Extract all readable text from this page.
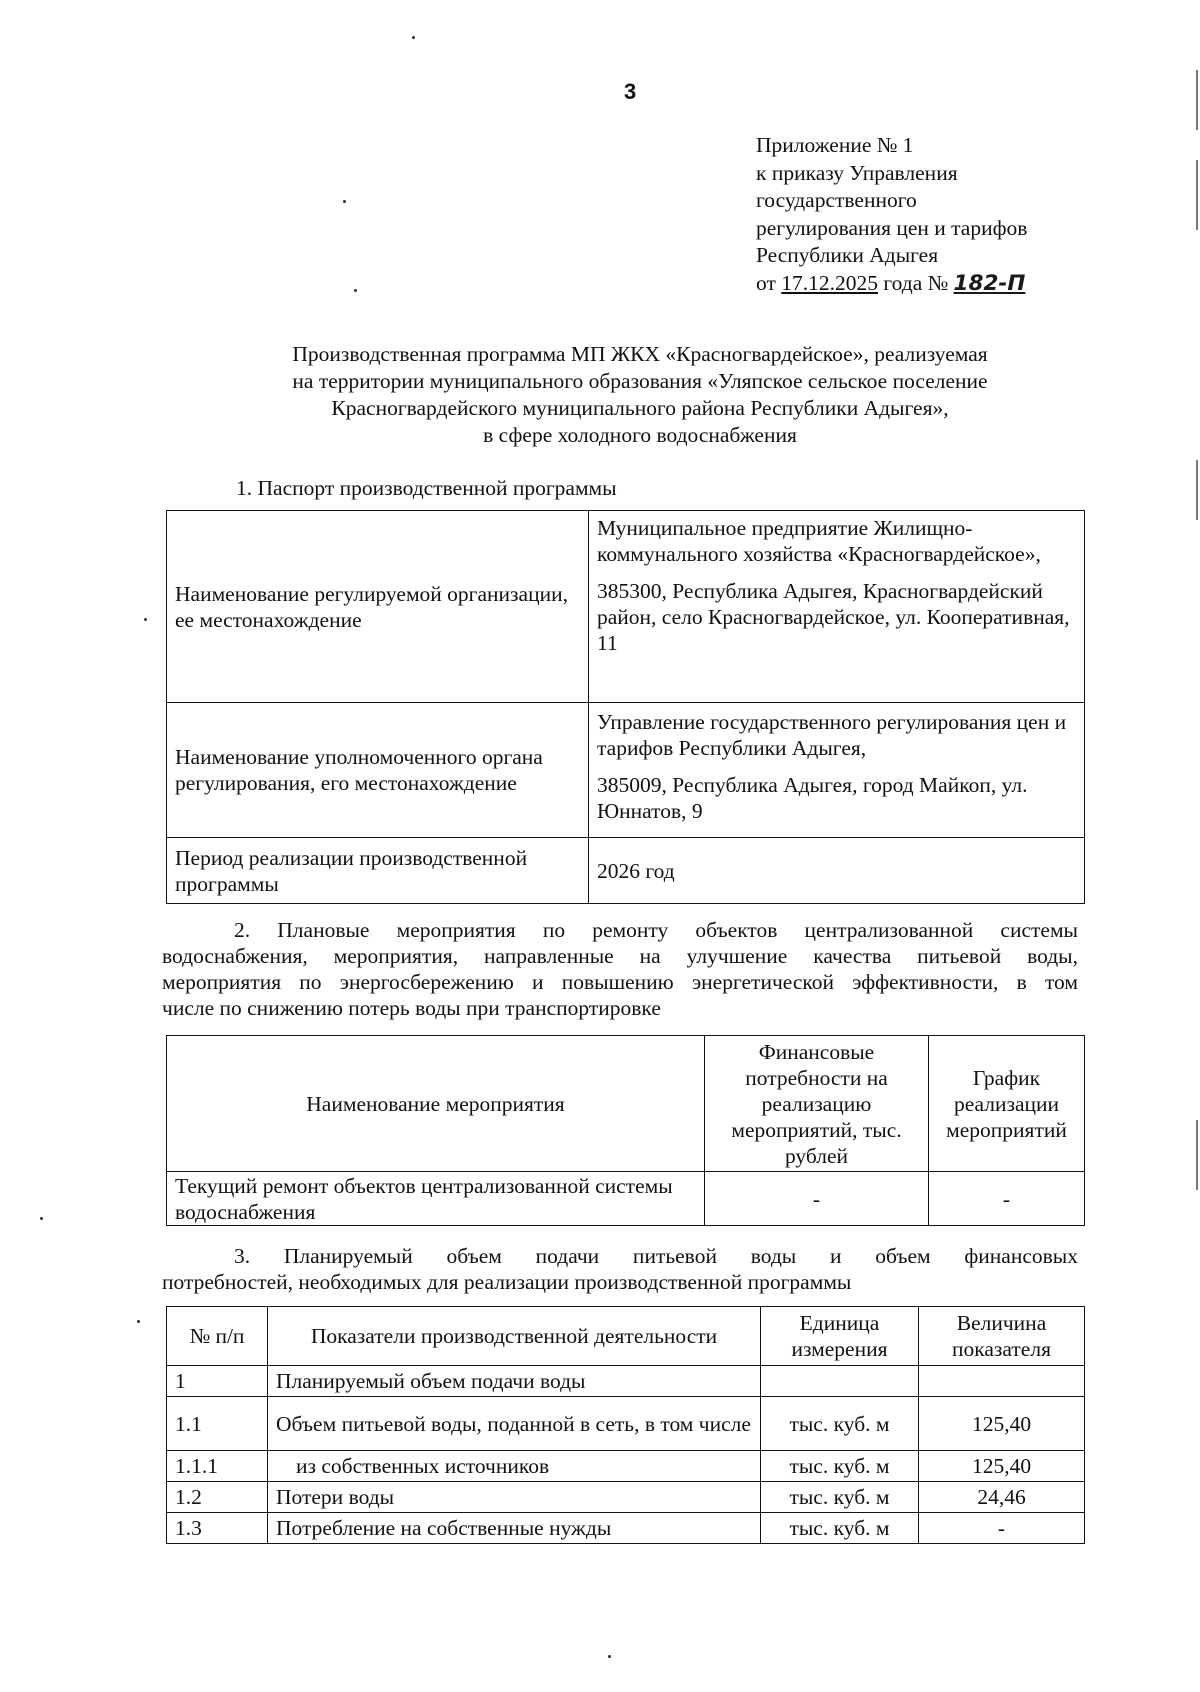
3
Приложение № 1
к приказу Управления
государственного
регулирования цен и тарифов
Республики Адыгея
от 17.12.2025 года № 182-П
Производственная программа МП ЖКХ «Красногвардейское», реализуемая
на территории муниципального образования «Уляпское сельское поселение
Красногвардейского муниципального района Республики Адыгея»,
в сфере холодного водоснабжения
1. Паспорт производственной программы
Наименование регулируемой организации, ее местонахождение	Муниципальное предприятие Жилищно-коммунального хозяйства «Красногвардейское»,
385300, Республика Адыгея, Красногвардейский район, село Красногвардейское, ул. Кооперативная, 11

Наименование уполномоченного органа регулирования, его местонахождение	Управление государственного регулирования цен и тарифов Республики Адыгея,
385009, Республика Адыгея, город Майкоп, ул. Юннатов, 9

Период реализации производственной программы	2026 год
2. Плановые мероприятия по ремонту объектов централизованной системы
водоснабжения, мероприятия, направленные на улучшение качества питьевой воды,
мероприятия по энергосбережению и повышению энергетической эффективности, в том
числе по снижению потерь воды при транспортировке
Наименование мероприятия	Финансовые потребности на реализацию мероприятий, тыс. рублей	График реализации мероприятий
Текущий ремонт объектов централизованной системы водоснабжения	-	-
3. Планируемый объем подачи питьевой воды и объем финансовых
потребностей, необходимых для реализации производственной программы
№ п/п	Показатели производственной деятельности	Единица измерения	Величина показателя
1	Планируемый объем подачи воды		
1.1	Объем питьевой воды, поданной в сеть, в том числе	тыс. куб. м	125,40
1.1.1	из собственных источников	тыс. куб. м	125,40
1.2	Потери воды	тыс. куб. м	24,46
1.3	Потребление на собственные нужды	тыс. куб. м	-
